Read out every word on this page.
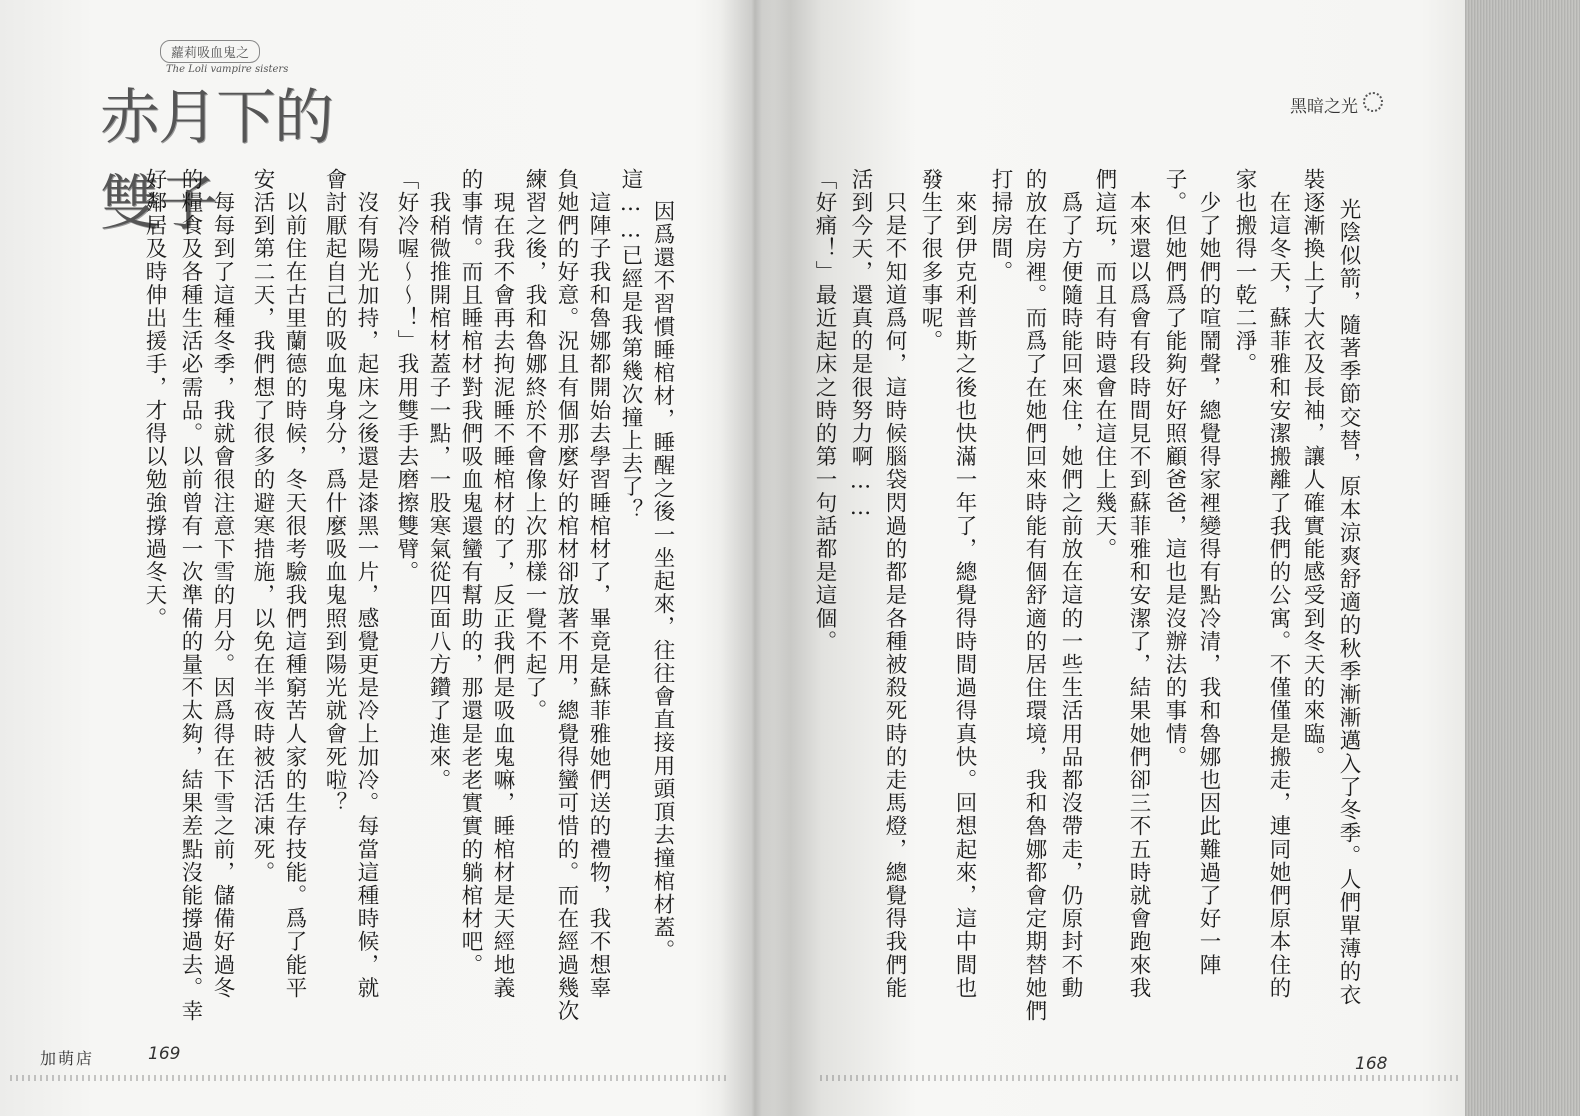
蘿莉吸血鬼之
The Loli vampire sisters
赤月下的雙子
黑暗之光
因爲還不習慣睡棺材，睡醒之後一坐起來，往往會直接用頭頂去撞棺材蓋。
這……已經是我第幾次撞上去了？
　這陣子我和魯娜都開始去學習睡棺材了，畢竟是蘇菲雅她們送的禮物，我不想辜
負她們的好意。況且有個那麼好的棺材卻放著不用，總覺得蠻可惜的。而在經過幾次
練習之後，我和魯娜終於不會像上次那樣一覺不起了。
　現在我不會再去拘泥睡不睡棺材的了，反正我們是吸血鬼嘛，睡棺材是天經地義
的事情。而且睡棺材對我們吸血鬼還蠻有幫助的，那還是老老實實的躺棺材吧。
　我稍微推開棺材蓋子一點，一股寒氣從四面八方鑽了進來。
「好冷喔～～！」我用雙手去磨擦雙臂。
　沒有陽光加持，起床之後還是漆黑一片，感覺更是冷上加冷。每當這種時候，就
會討厭起自己的吸血鬼身分，爲什麼吸血鬼照到陽光就會死啦？
　以前住在古里蘭德的時候，冬天很考驗我們這種窮苦人家的生存技能。爲了能平
安活到第二天，我們想了很多的避寒措施，以免在半夜時被活活凍死。
　每每到了這種冬季，我就會很注意下雪的月分。因爲得在下雪之前，儲備好過冬
的糧食及各種生活必需品。以前曾有一次準備的量不太夠，結果差點沒能撐過去。幸
好鄰居及時伸出援手，才得以勉強撐過冬天。	光陰似箭，隨著季節交替，原本涼爽舒適的秋季漸漸邁入了冬季。人們單薄的衣
裝逐漸換上了大衣及長袖，讓人確實能感受到冬天的來臨。
　在這冬天，蘇菲雅和安潔搬離了我們的公寓。不僅僅是搬走，連同她們原本住的
家也搬得一乾二淨。
　少了她們的喧鬧聲，總覺得家裡變得有點冷清，我和魯娜也因此難過了好一陣
子。但她們爲了能夠好好照顧爸爸，這也是沒辦法的事情。
　本來還以爲會有段時間見不到蘇菲雅和安潔了，結果她們卻三不五時就會跑來我
們這玩，而且有時還會在這住上幾天。
　爲了方便隨時能回來住，她們之前放在這的一些生活用品都沒帶走，仍原封不動
的放在房裡。而爲了在她們回來時能有個舒適的居住環境，我和魯娜都會定期替她們
打掃房間。
　來到伊克利普斯之後也快滿一年了，總覺得時間過得真快。回想起來，這中間也
發生了很多事呢。
　只是不知道爲何，這時候腦袋閃過的都是各種被殺死時的走馬燈，總覺得我們能
活到今天，還真的是很努力啊……
「好痛！」最近起床之時的第一句話都是這個。
加萌店	169	168
